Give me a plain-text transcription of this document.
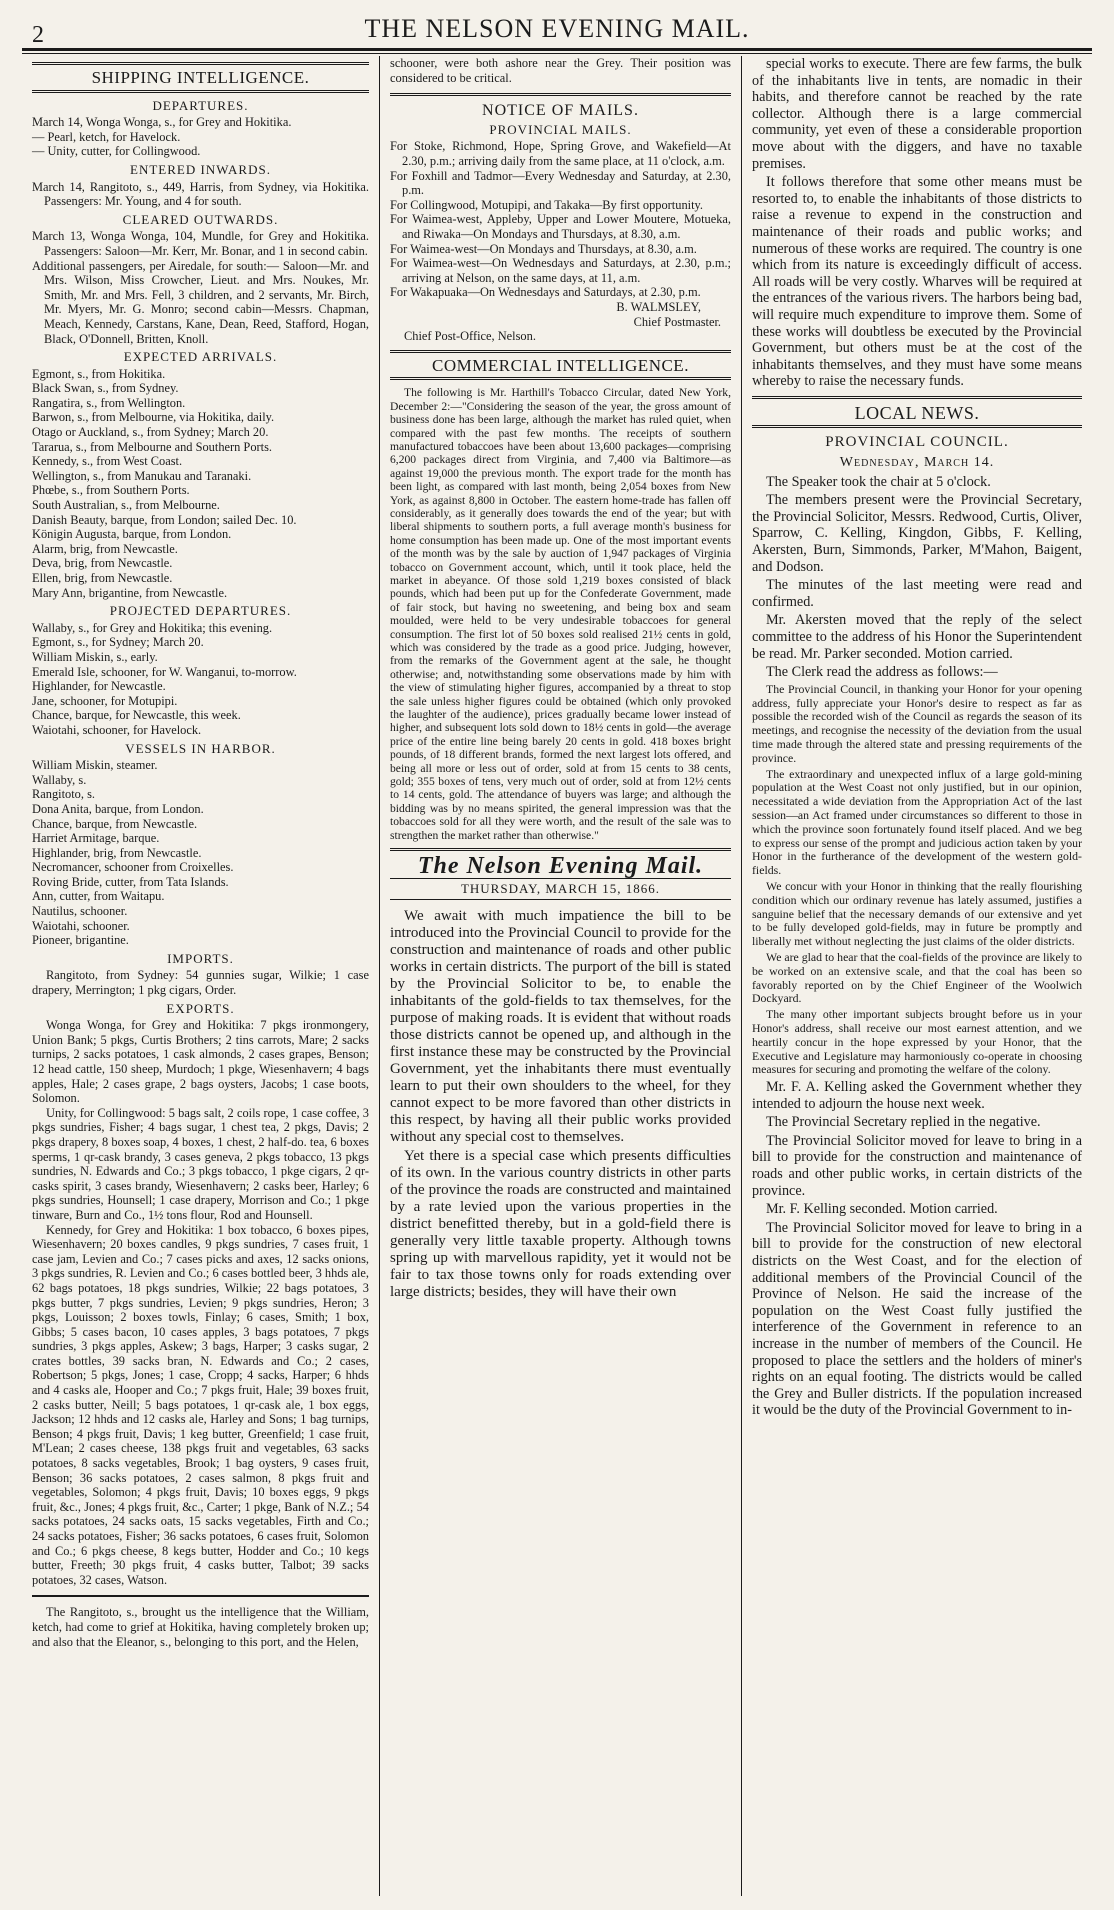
2	THE NELSON EVENING MAIL.
SHIPPING INTELLIGENCE.
DEPARTURES.

March 14, Wonga Wonga, s., for Grey and Hokitika.

— Pearl, ketch, for Havelock.

— Unity, cutter, for Collingwood.

ENTERED INWARDS.

March 14, Rangitoto, s., 449, Harris, from Sydney, via Hokitika. Passengers: Mr. Young, and 4 for south.

CLEARED OUTWARDS.

March 13, Wonga Wonga, 104, Mundle, for Grey and Hokitika. Passengers: Saloon—Mr. Kerr, Mr. Bonar, and 1 in second cabin.

Additional passengers, per Airedale, for south:— Saloon—Mr. and Mrs. Wilson, Miss Crowcher, Lieut. and Mrs. Noukes, Mr. Smith, Mr. and Mrs. Fell, 3 children, and 2 servants, Mr. Birch, Mr. Myers, Mr. G. Monro; second cabin—Messrs. Chapman, Meach, Kennedy, Carstans, Kane, Dean, Reed, Stafford, Hogan, Black, O'Donnell, Britten, Knoll.

EXPECTED ARRIVALS.

Egmont, s., from Hokitika.

Black Swan, s., from Sydney.

Rangatira, s., from Wellington.

Barwon, s., from Melbourne, via Hokitika, daily.

Otago or Auckland, s., from Sydney; March 20.

Tararua, s., from Melbourne and Southern Ports.

Kennedy, s., from West Coast.

Wellington, s., from Manukau and Taranaki.

Phœbe, s., from Southern Ports.

South Australian, s., from Melbourne.

Danish Beauty, barque, from London; sailed Dec. 10.

Königin Augusta, barque, from London.

Alarm, brig, from Newcastle.

Deva, brig, from Newcastle.

Ellen, brig, from Newcastle.

Mary Ann, brigantine, from Newcastle.

PROJECTED DEPARTURES.

Wallaby, s., for Grey and Hokitika; this evening.

Egmont, s., for Sydney; March 20.

William Miskin, s., early.

Emerald Isle, schooner, for W. Wanganui, to-morrow.

Highlander, for Newcastle.

Jane, schooner, for Motupipi.

Chance, barque, for Newcastle, this week.

Waiotahi, schooner, for Havelock.

VESSELS IN HARBOR.

William Miskin, steamer.

Wallaby, s.

Rangitoto, s.

Dona Anita, barque, from London.

Chance, barque, from Newcastle.

Harriet Armitage, barque.

Highlander, brig, from Newcastle.

Necromancer, schooner from Croixelles.

Roving Bride, cutter, from Tata Islands.

Ann, cutter, from Waitapu.

Nautilus, schooner.

Waiotahi, schooner.

Pioneer, brigantine.

IMPORTS.

Rangitoto, from Sydney: 54 gunnies sugar, Wilkie; 1 case drapery, Merrington; 1 pkg cigars, Order.

EXPORTS.

Wonga Wonga, for Grey and Hokitika: 7 pkgs ironmongery, Union Bank; 5 pkgs, Curtis Brothers; 2 tins carrots, Mare; 2 sacks turnips, 2 sacks potatoes, 1 cask almonds, 2 cases grapes, Benson; 12 head cattle, 150 sheep, Murdoch; 1 pkge, Wiesenhavern; 4 bags apples, Hale; 2 cases grape, 2 bags oysters, Jacobs; 1 case boots, Solomon.

Unity, for Collingwood: 5 bags salt, 2 coils rope, 1 case coffee, 3 pkgs sundries, Fisher; 4 bags sugar, 1 chest tea, 2 pkgs, Davis; 2 pkgs drapery, 8 boxes soap, 4 boxes, 1 chest, 2 half-do. tea, 6 boxes sperms, 1 qr-cask brandy, 3 cases geneva, 2 pkgs tobacco, 13 pkgs sundries, N. Edwards and Co.; 3 pkgs tobacco, 1 pkge cigars, 2 qr-casks spirit, 3 cases brandy, Wiesenhavern; 2 casks beer, Harley; 6 pkgs sundries, Hounsell; 1 case drapery, Morrison and Co.; 1 pkge tinware, Burn and Co., 1½ tons flour, Rod and Hounsell.

Kennedy, for Grey and Hokitika: 1 box tobacco, 6 boxes pipes, Wiesenhavern; 20 boxes candles, 9 pkgs sundries, 7 cases fruit, 1 case jam, Levien and Co.; 7 cases picks and axes, 12 sacks onions, 3 pkgs sundries, R. Levien and Co.; 6 cases bottled beer, 3 hhds ale, 62 bags potatoes, 18 pkgs sundries, Wilkie; 22 bags potatoes, 3 pkgs butter, 7 pkgs sundries, Levien; 9 pkgs sundries, Heron; 3 pkgs, Louisson; 2 boxes towls, Finlay; 6 cases, Smith; 1 box, Gibbs; 5 cases bacon, 10 cases apples, 3 bags potatoes, 7 pkgs sundries, 3 pkgs apples, Askew; 3 bags, Harper; 3 casks sugar, 2 crates bottles, 39 sacks bran, N. Edwards and Co.; 2 cases, Robertson; 5 pkgs, Jones; 1 case, Cropp; 4 sacks, Harper; 6 hhds and 4 casks ale, Hooper and Co.; 7 pkgs fruit, Hale; 39 boxes fruit, 2 casks butter, Neill; 5 bags potatoes, 1 qr-cask ale, 1 box eggs, Jackson; 12 hhds and 12 casks ale, Harley and Sons; 1 bag turnips, Benson; 4 pkgs fruit, Davis; 1 keg butter, Greenfield; 1 case fruit, M'Lean; 2 cases cheese, 138 pkgs fruit and vegetables, 63 sacks potatoes, 8 sacks vegetables, Brook; 1 bag oysters, 9 cases fruit, Benson; 36 sacks potatoes, 2 cases salmon, 8 pkgs fruit and vegetables, Solomon; 4 pkgs fruit, Davis; 10 boxes eggs, 9 pkgs fruit, &c., Jones; 4 pkgs fruit, &c., Carter; 1 pkge, Bank of N.Z.; 54 sacks potatoes, 24 sacks oats, 15 sacks vegetables, Firth and Co.; 24 sacks potatoes, Fisher; 36 sacks potatoes, 6 cases fruit, Solomon and Co.; 6 pkgs cheese, 8 kegs butter, Hodder and Co.; 10 kegs butter, Freeth; 30 pkgs fruit, 4 casks butter, Talbot; 39 sacks potatoes, 32 cases, Watson.

The Rangitoto, s., brought us the intelligence that the William, ketch, had come to grief at Hokitika, having completely broken up; and also that the Eleanor, s., belonging to this port, and the Helen,

schooner, were both ashore near the Grey. Their position was considered to be critical.

NOTICE OF MAILS.
PROVINCIAL MAILS.

For Stoke, Richmond, Hope, Spring Grove, and Wakefield—At 2.30, p.m.; arriving daily from the same place, at 11 o'clock, a.m.

For Foxhill and Tadmor—Every Wednesday and Saturday, at 2.30, p.m.

For Collingwood, Motupipi, and Takaka—By first opportunity.

For Waimea-west, Appleby, Upper and Lower Moutere, Motueka, and Riwaka—On Mondays and Thursdays, at 8.30, a.m.

For Waimea-west—On Mondays and Thursdays, at 8.30, a.m.

For Waimea-west—On Wednesdays and Saturdays, at 2.30, p.m.; arriving at Nelson, on the same days, at 11, a.m.

For Wakapuaka—On Wednesdays and Saturdays, at 2.30, p.m.

B. WALMSLEY,
Chief Postmaster.
Chief Post-Office, Nelson.
COMMERCIAL INTELLIGENCE.

The following is Mr. Harthill's Tobacco Circular, dated New York, December 2:—"Considering the season of the year, the gross amount of business done has been large, although the market has ruled quiet, when compared with the past few months. The receipts of southern manufactured tobaccoes have been about 13,600 packages—comprising 6,200 packages direct from Virginia, and 7,400 via Baltimore—as against 19,000 the previous month. The export trade for the month has been light, as compared with last month, being 2,054 boxes from New York, as against 8,800 in October. The eastern home-trade has fallen off considerably, as it generally does towards the end of the year; but with liberal shipments to southern ports, a full average month's business for home consumption has been made up. One of the most important events of the month was by the sale by auction of 1,947 packages of Virginia tobacco on Government account, which, until it took place, held the market in abeyance. Of those sold 1,219 boxes consisted of black pounds, which had been put up for the Confederate Government, made of fair stock, but having no sweetening, and being box and seam moulded, were held to be very undesirable tobaccoes for general consumption. The first lot of 50 boxes sold realised 21½ cents in gold, which was considered by the trade as a good price. Judging, however, from the remarks of the Government agent at the sale, he thought otherwise; and, notwithstanding some observations made by him with the view of stimulating higher figures, accompanied by a threat to stop the sale unless higher figures could be obtained (which only provoked the laughter of the audience), prices gradually became lower instead of higher, and subsequent lots sold down to 18½ cents in gold—the average price of the entire line being barely 20 cents in gold. 418 boxes bright pounds, of 18 different brands, formed the next largest lots offered, and being all more or less out of order, sold at from 15 cents to 38 cents, gold; 355 boxes of tens, very much out of order, sold at from 12½ cents to 14 cents, gold. The attendance of buyers was large; and although the bidding was by no means spirited, the general impression was that the tobaccoes sold for all they were worth, and the result of the sale was to strengthen the market rather than otherwise."

The Nelson Evening Mail.
THURSDAY, MARCH 15, 1866.

We await with much impatience the bill to be introduced into the Provincial Council to provide for the construction and maintenance of roads and other public works in certain districts. The purport of the bill is stated by the Provincial Solicitor to be, to enable the inhabitants of the gold-fields to tax themselves, for the purpose of making roads. It is evident that without roads those districts cannot be opened up, and although in the first instance these may be constructed by the Provincial Government, yet the inhabitants there must eventually learn to put their own shoulders to the wheel, for they cannot expect to be more favored than other districts in this respect, by having all their public works provided without any special cost to themselves.

Yet there is a special case which presents difficulties of its own. In the various country districts in other parts of the province the roads are constructed and maintained by a rate levied upon the various properties in the district benefitted thereby, but in a gold-field there is generally very little taxable property. Although towns spring up with marvellous rapidity, yet it would not be fair to tax those towns only for roads extending over large districts; besides, they will have their own

special works to execute. There are few farms, the bulk of the inhabitants live in tents, are nomadic in their habits, and therefore cannot be reached by the rate collector. Although there is a large commercial community, yet even of these a considerable proportion move about with the diggers, and have no taxable premises.

It follows therefore that some other means must be resorted to, to enable the inhabitants of those districts to raise a revenue to expend in the construction and maintenance of their roads and public works; and numerous of these works are required. The country is one which from its nature is exceedingly difficult of access. All roads will be very costly. Wharves will be required at the entrances of the various rivers. The harbors being bad, will require much expenditure to improve them. Some of these works will doubtless be executed by the Provincial Government, but others must be at the cost of the inhabitants themselves, and they must have some means whereby to raise the necessary funds.

LOCAL NEWS.
PROVINCIAL COUNCIL.
Wednesday, March 14.

The Speaker took the chair at 5 o'clock.

The members present were the Provincial Secretary, the Provincial Solicitor, Messrs. Redwood, Curtis, Oliver, Sparrow, C. Kelling, Kingdon, Gibbs, F. Kelling, Akersten, Burn, Simmonds, Parker, M'Mahon, Baigent, and Dodson.

The minutes of the last meeting were read and confirmed.

Mr. Akersten moved that the reply of the select committee to the address of his Honor the Superintendent be read. Mr. Parker seconded. Motion carried.

The Clerk read the address as follows:—

The Provincial Council, in thanking your Honor for your opening address, fully appreciate your Honor's desire to respect as far as possible the recorded wish of the Council as regards the season of its meetings, and recognise the necessity of the deviation from the usual time made through the altered state and pressing requirements of the province.

The extraordinary and unexpected influx of a large gold-mining population at the West Coast not only justified, but in our opinion, necessitated a wide deviation from the Appropriation Act of the last session—an Act framed under circumstances so different to those in which the province soon fortunately found itself placed. And we beg to express our sense of the prompt and judicious action taken by your Honor in the furtherance of the development of the western gold-fields.

We concur with your Honor in thinking that the really flourishing condition which our ordinary revenue has lately assumed, justifies a sanguine belief that the necessary demands of our extensive and yet to be fully developed gold-fields, may in future be promptly and liberally met without neglecting the just claims of the older districts.

We are glad to hear that the coal-fields of the province are likely to be worked on an extensive scale, and that the coal has been so favorably reported on by the Chief Engineer of the Woolwich Dockyard.

The many other important subjects brought before us in your Honor's address, shall receive our most earnest attention, and we heartily concur in the hope expressed by your Honor, that the Executive and Legislature may harmoniously co-operate in choosing measures for securing and promoting the welfare of the colony.

Mr. F. A. Kelling asked the Government whether they intended to adjourn the house next week.

The Provincial Secretary replied in the negative.

The Provincial Solicitor moved for leave to bring in a bill to provide for the construction and maintenance of roads and other public works, in certain districts of the province.

Mr. F. Kelling seconded. Motion carried.

The Provincial Solicitor moved for leave to bring in a bill to provide for the construction of new electoral districts on the West Coast, and for the election of additional members of the Provincial Council of the Province of Nelson. He said the increase of the population on the West Coast fully justified the interference of the Government in reference to an increase in the number of members of the Council. He proposed to place the settlers and the holders of miner's rights on an equal footing. The districts would be called the Grey and Buller districts. If the population increased it would be the duty of the Provincial Government to in-
